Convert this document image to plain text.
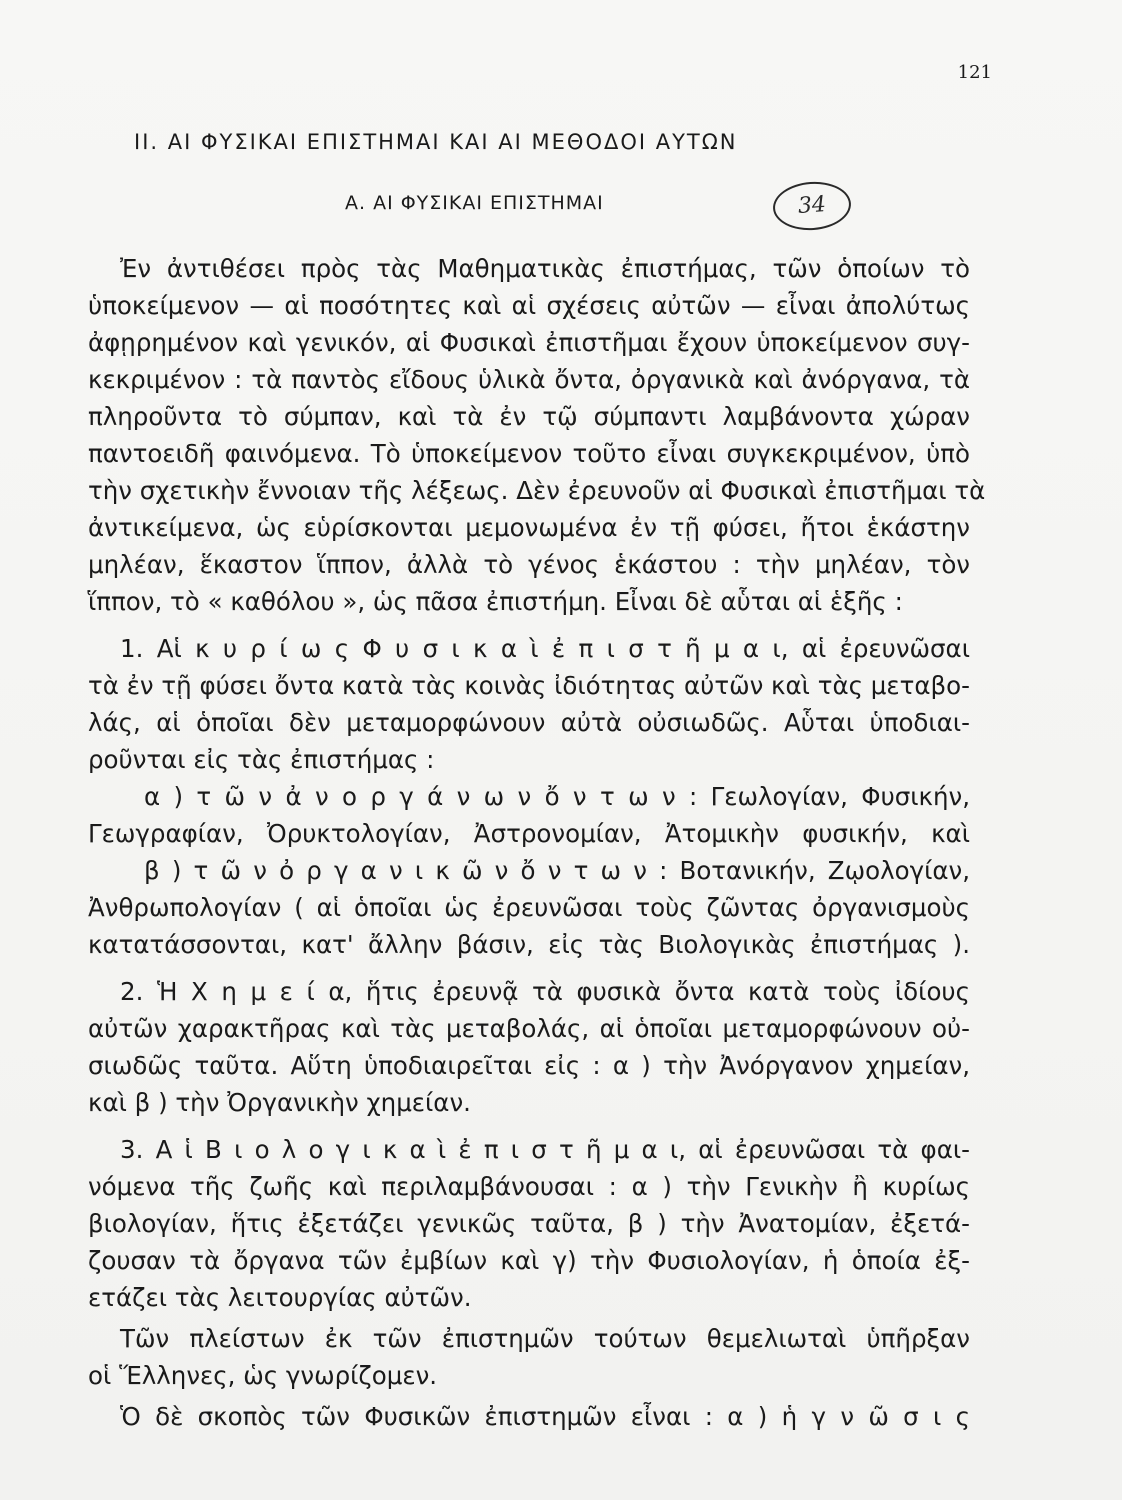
121
ΙΙ. ΑΙ ΦΥΣΙΚΑΙ ΕΠΙΣΤΗΜΑΙ ΚΑΙ ΑΙ ΜΕΘΟΔΟΙ ΑΥΤΩΝ
Α. ΑΙ ΦΥΣΙΚΑΙ ΕΠΙΣΤΗΜΑΙ	34
Ἐν ἀντιθέσει πρὸς τὰς Μαθηματικὰς ἐπιστήμας, τῶν ὁποίων τὸ
ὑποκείμενον — αἱ ποσότητες καὶ αἱ σχέσεις αὐτῶν — εἶναι ἀπολύτως
ἀφῃρημένον καὶ γενικόν, αἱ Φυσικαὶ ἐπιστῆμαι ἔχουν ὑποκείμενον συγ-
κεκριμένον : τὰ παντὸς εἴδους ὑλικὰ ὄντα, ὀργανικὰ καὶ ἀνόργανα, τὰ
πληροῦντα τὸ σύμπαν, καὶ τὰ ἐν τῷ σύμπαντι λαμβάνοντα χώραν
παντοειδῆ φαινόμενα. Τὸ ὑποκείμενον τοῦτο εἶναι συγκεκριμένον, ὑπὸ
τὴν σχετικὴν ἔννοιαν τῆς λέξεως. Δὲν ἐρευνοῦν αἱ Φυσικαὶ ἐπιστῆμαι τὰ
ἀντικείμενα, ὡς εὑρίσκονται μεμονωμένα ἐν τῇ φύσει, ἤτοι ἑκάστην
μηλέαν, ἕκαστον ἵππον, ἀλλὰ τὸ γένος ἑκάστου : τὴν μηλέαν, τὸν
ἵππον, τὸ « καθόλου », ὡς πᾶσα ἐπιστήμη. Εἶναι δὲ αὗται αἱ ἑξῆς :
1. Αἱ κ υ ρ ί ω ς Φ υ σ ι κ α ὶ ἐ π ι σ τ ῆ μ α ι, αἱ ἐρευνῶσαι
τὰ ἐν τῇ φύσει ὄντα κατὰ τὰς κοινὰς ἰδιότητας αὐτῶν καὶ τὰς μεταβο-
λάς, αἱ ὁποῖαι δὲν μεταμορφώνουν αὐτὰ οὐσιωδῶς. Αὗται ὑποδιαι-
ροῦνται εἰς τὰς ἐπιστήμας :
α ) τ ῶ ν ἀ ν ο ρ γ ά ν ω ν ὄ ν τ ω ν : Γεωλογίαν, Φυσικήν,
Γεωγραφίαν, Ὀρυκτολογίαν, Ἀστρονομίαν, Ἀτομικὴν φυσικήν, καὶ
β ) τ ῶ ν ὀ ρ γ α ν ι κ ῶ ν ὄ ν τ ω ν : Βοτανικήν, Ζῳολογίαν,
Ἀνθρωπολογίαν ( αἱ ὁποῖαι ὡς ἐρευνῶσαι τοὺς ζῶντας ὀργανισμοὺς
κατατάσσονται, κατ' ἄλλην βάσιν, εἰς τὰς Βιολογικὰς ἐπιστήμας ).
2. Ἡ Χ η μ ε ί α, ἥτις ἐρευνᾷ τὰ φυσικὰ ὄντα κατὰ τοὺς ἰδίους
αὐτῶν χαρακτῆρας καὶ τὰς μεταβολάς, αἱ ὁποῖαι μεταμορφώνουν οὐ-
σιωδῶς ταῦτα. Αὕτη ὑποδιαιρεῖται εἰς : α ) τὴν Ἀνόργανον χημείαν,
καὶ β ) τὴν Ὀργανικὴν χημείαν.
3. Α ἱ Β ι ο λ ο γ ι κ α ὶ ἐ π ι σ τ ῆ μ α ι, αἱ ἐρευνῶσαι τὰ φαι-
νόμενα τῆς ζωῆς καὶ περιλαμβάνουσαι : α ) τὴν Γενικὴν ἢ κυρίως
βιολογίαν, ἥτις ἐξετάζει γενικῶς ταῦτα, β ) τὴν Ἀνατομίαν, ἐξετά-
ζουσαν τὰ ὄργανα τῶν ἐμβίων καὶ γ) τὴν Φυσιολογίαν, ἡ ὁποία ἐξ-
ετάζει τὰς λειτουργίας αὐτῶν.
Τῶν πλείστων ἐκ τῶν ἐπιστημῶν τούτων θεμελιωταὶ ὑπῆρξαν
οἱ Ἕλληνες, ὡς γνωρίζομεν.
Ὁ δὲ σκοπὸς τῶν Φυσικῶν ἐπιστημῶν εἶναι : α ) ἡ γ ν ῶ σ ι ς
